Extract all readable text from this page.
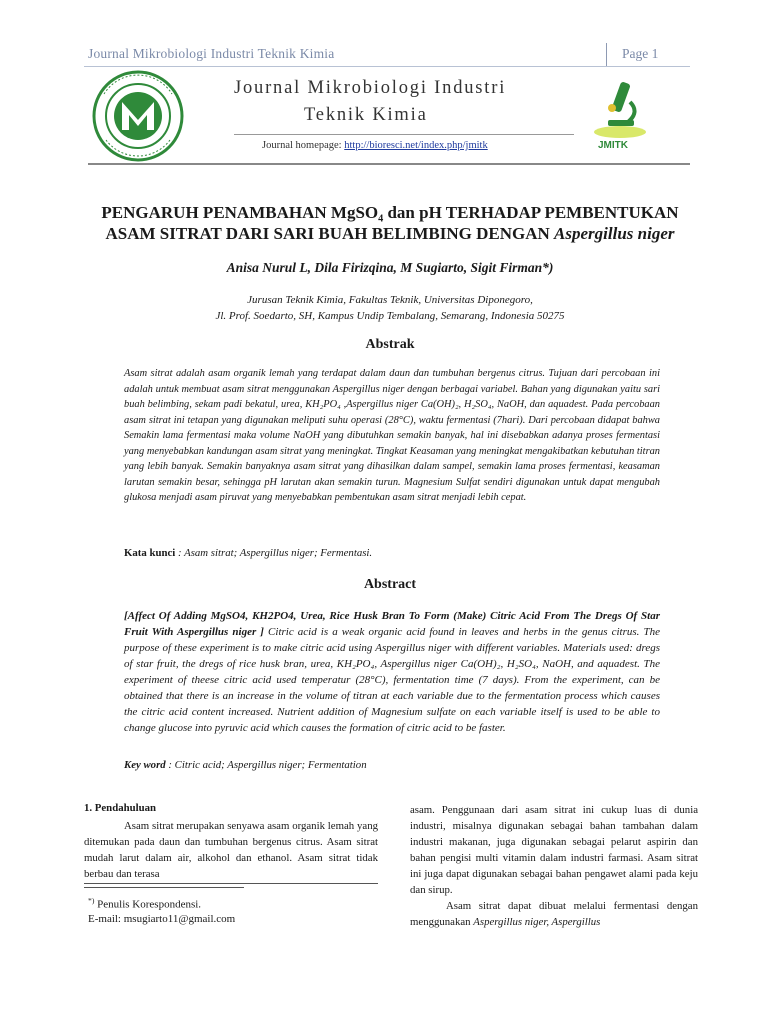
Journal Mikrobiologi Industri Teknik Kimia	Page 1
Journal Mikrobiologi Industri
Teknik Kimia
Journal homepage: http://bioresci.net/index.php/jmitk	JMITK
PENGARUH PENAMBAHAN MgSO₄ dan pH TERHADAP PEMBENTUKAN
ASAM SITRAT DARI SARI BUAH BELIMBING DENGAN Aspergillus niger
Anisa Nurul L, Dila Firizqina, M Sugiarto, Sigit Firman*)
Jurusan Teknik Kimia, Fakultas Teknik, Universitas Diponegoro,
Jl. Prof. Soedarto, SH, Kampus Undip Tembalang, Semarang, Indonesia 50275
Abstrak
Asam sitrat adalah asam organik lemah yang terdapat dalam daun dan tumbuhan bergenus citrus. Tujuan dari percobaan ini adalah untuk membuat asam sitrat menggunakan Aspergillus niger dengan berbagai variabel. Bahan yang digunakan yaitu sari buah belimbing, sekam padi bekatul, urea, KH₂PO₄ ,Aspergillus niger Ca(OH)₂, H₂SO₄, NaOH, dan aquadest. Pada percobaan asam sitrat ini tetapan yang digunakan meliputi suhu operasi (28°C), waktu fermentasi (7hari). Dari percobaan didapat bahwa Semakin lama fermentasi maka volume NaOH yang dibutuhkan semakin banyak, hal ini disebabkan adanya proses fermentasi yang menyebabkan kandungan asam sitrat yang meningkat. Tingkat Keasaman yang meningkat mengakibatkan kebutuhan titran yang lebih banyak. Semakin banyaknya asam sitrat yang dihasilkan dalam sampel, semakin lama proses fermentasi, keasaman larutan semakin besar, sehingga pH larutan akan semakin turun. Magnesium Sulfat sendiri digunakan untuk dapat mengubah glukosa menjadi asam piruvat yang menyebabkan pembentukan asam sitrat menjadi lebih cepat.
Kata kunci : Asam sitrat; Aspergillus niger; Fermentasi.
Abstract
[Affect Of Adding MgSO4, KH2PO4, Urea, Rice Husk Bran To Form (Make) Citric Acid From The Dregs Of Star Fruit With Aspergillus niger ] Citric acid is a weak organic acid found in leaves and herbs in the genus citrus. The purpose of these experiment is to make citric acid using Aspergillus niger with different variables. Materials used: dregs of star fruit, the dregs of rice husk bran, urea, KH₂PO₄, Aspergillus niger Ca(OH)₂, H₂SO₄, NaOH, and aquadest. The experiment of theese citric acid used temperatur (28°C), fermentation time (7 days). From the experiment, can be obtained that there is an increase in the volume of titran at each variable due to the fermentation process which causes the citric acid content increased. Nutrient addition of Magnesium sulfate on each variable itself is used to be able to change glucose into pyruvic acid which causes the formation of citric acid to be faster.
Key word : Citric acid; Aspergillus niger; Fermentation
1. Pendahuluan
Asam sitrat merupakan senyawa asam organik lemah yang ditemukan pada daun dan tumbuhan bergenus citrus. Asam sitrat mudah larut dalam air, alkohol dan ethanol. Asam sitrat tidak berbau dan terasa
*) Penulis Korespondensi.
E-mail: msugiarto11@gmail.com
asam. Penggunaan dari asam sitrat ini cukup luas di dunia industri, misalnya digunakan sebagai bahan tambahan dalam industri makanan, juga digunakan sebagai pelarut aspirin dan bahan pengisi multi vitamin dalam industri farmasi. Asam sitrat ini juga dapat digunakan sebagai bahan pengawet alami pada keju dan sirup.
Asam sitrat dapat dibuat melalui fermentasi dengan menggunakan Aspergillus niger, Aspergillus
